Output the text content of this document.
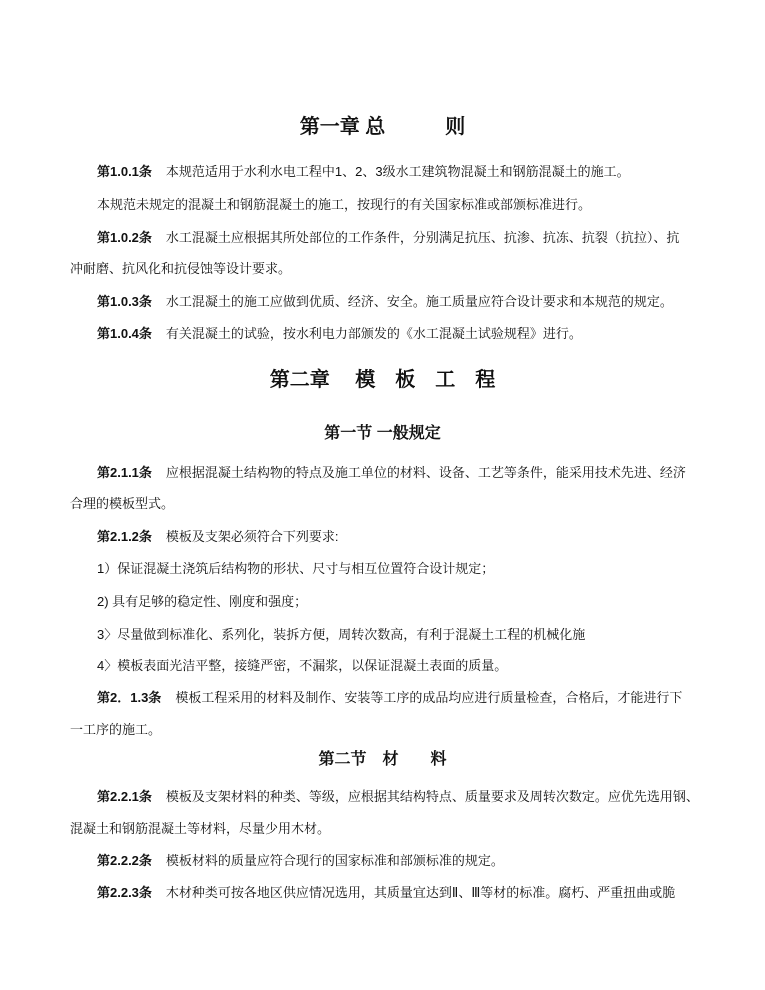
第一章 总　　　则
第1.0.1条 本规范适用于水利水电工程中1、2、3级水工建筑物混凝土和钢筋混凝土的施工。
本规范未规定的混凝土和钢筋混凝土的施工，按现行的有关国家标准或部颁标准进行。
第1.0.2条 水工混凝土应根据其所处部位的工作条件，分别满足抗压、抗渗、抗冻、抗裂（抗拉）、抗
冲耐磨、抗风化和抗侵蚀等设计要求。
第1.0.3条 水工混凝土的施工应做到优质、经济、安全。施工质量应符合设计要求和本规范的规定。
第1.0.4条 有关混凝土的试验，按水利电力部颁发的《水工混凝土试验规程》进行。
第二章　 模　板　工　程
第一节 一般规定
第2.1.1条 应根据混凝土结构物的特点及施工单位的材料、设备、工艺等条件，能采用技术先进、经济
合理的模板型式。
第2.1.2条 模板及支架必须符合下列要求:
1）保证混凝土浇筑后结构物的形状、尺寸与相互位置符合设计规定；
2) 具有足够的稳定性、刚度和强度；
3〉尽量做到标准化、系列化，装拆方便，周转次数高，有利于混凝土工程的机械化施
4〉模板表面光洁平整，接缝严密，不漏浆，以保证混凝土表面的质量。
第2．1.3条 模板工程采用的材料及制作、安装等工序的成品均应进行质量检查，合格后，才能进行下
一工序的施工。
第二节　材　　料
第2.2.1条 模板及支架材料的种类、等级，应根据其结构特点、质量要求及周转次数定。应优先选用钢、
混凝土和钢筋混凝土等材料，尽量少用木材。
第2.2.2条 模板材料的质量应符合现行的国家标准和部颁标准的规定。
第2.2.3条 木材种类可按各地区供应情况选用，其质量宜达到Ⅱ、Ⅲ等材的标准。腐朽、严重扭曲或脆
